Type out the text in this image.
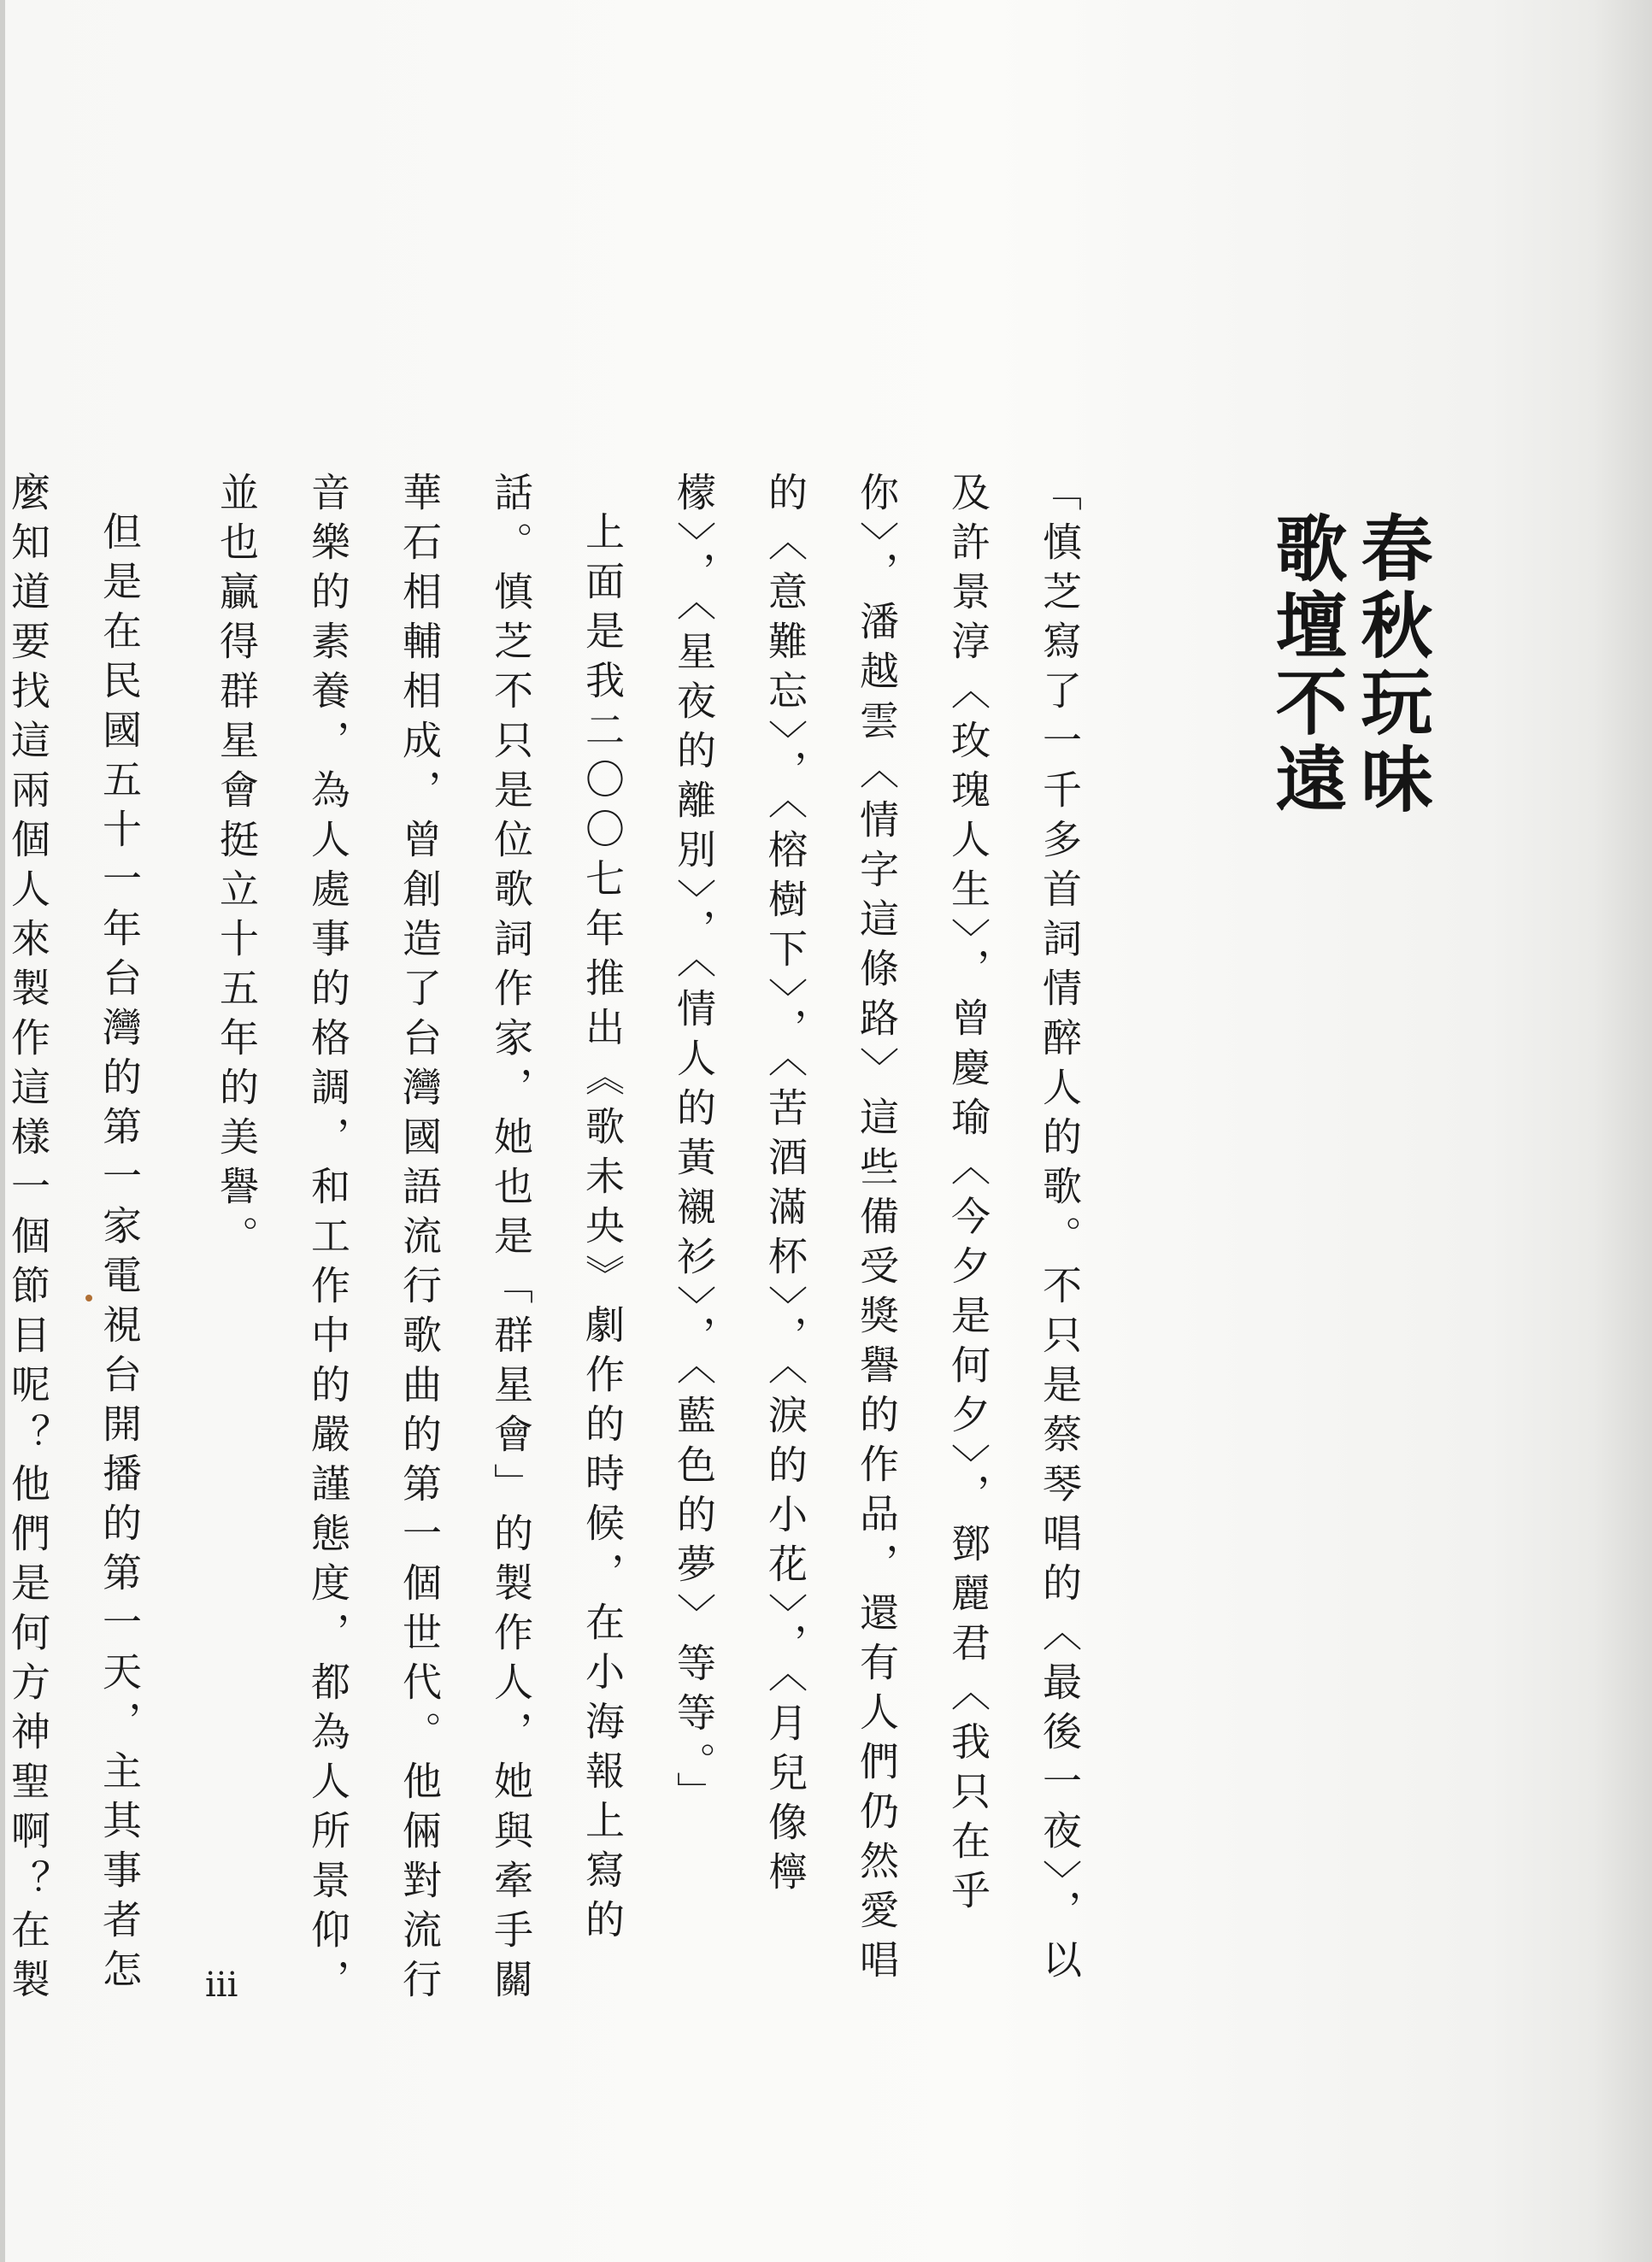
春秋玩味
歌壇不遠

「慎芝寫了一千多首詞情醉人的歌。不只是蔡琴唱的〈最後一夜〉，以及許景淳〈玫瑰人生〉，曾慶瑜〈今夕是何夕〉，鄧麗君〈我只在乎你〉，潘越雲〈情字這條路〉這些備受獎譽的作品，還有人們仍然愛唱的〈意難忘〉，〈榕樹下〉，〈苦酒滿杯〉，〈淚的小花〉，〈月兒像檸檬〉，〈星夜的離別〉，〈情人的黃襯衫〉，〈藍色的夢〉等等。」

上面是我二〇〇七年推出《歌未央》劇作的時候，在小海報上寫的話。慎芝不只是位歌詞作家，她也是「群星會」的製作人，她與牽手關華石相輔相成，曾創造了台灣國語流行歌曲的第一個世代。他倆對流行音樂的素養，為人處事的格調，和工作中的嚴謹態度，都為人所景仰，並也贏得群星會挺立十五年的美譽。

但是在民國五十一年台灣的第一家電視台開播的第一天，主其事者怎麼知道要找這兩個人來製作這樣一個節目呢？他們是何方神聖啊？在製	iii
